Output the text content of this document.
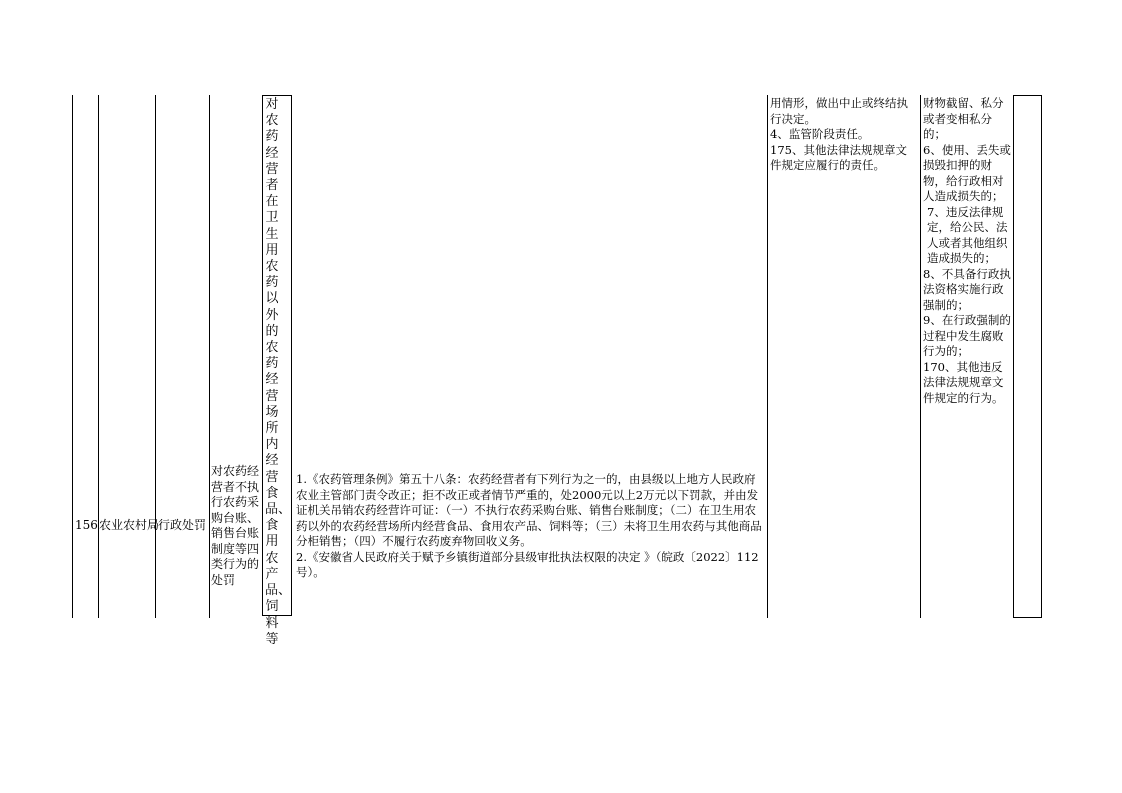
156 农业农村局
行政处罚
对农药经营者不执行农药采购台账、销售台账制度等四类行为的处罚
对农药经营者在卫生用农药以外的农药经营场所内经营食品、食用农产品、饲料等
1.《农药管理条例》第五十八条：农药经营者有下列行为之一的，由县级以上地方人民政府农业主管部门责令改正；拒不改正或者情节严重的，处2000元以上2万元以下罚款，并由发证机关吊销农药经营许可证：（一）不执行农药采购台账、销售台账制度；（二）在卫生用农药以外的农药经营场所内经营食品、食用农产品、饲料等；（三）未将卫生用农药与其他商品分柜销售；（四）不履行农药废弃物回收义务。
2.《安徽省人民政府关于赋予乡镇街道部分县级审批执法权限的决定 》（皖政〔2022〕112号）。
用情形，做出中止或终结执行决定。
4、监管阶段责任。
175、其他法律法规规章文件规定应履行的责任。
财物截留、私分或者变相私分的；
6、使用、丢失或损毁扣押的财物，给行政相对人造成损失的；
7、违反法律规定，给公民、法人或者其他组织造成损失的；
8、不具备行政执法资格实施行政强制的；
9、在行政强制的过程中发生腐败行为的；
170、其他违反法律法规规章文件规定的行为。
